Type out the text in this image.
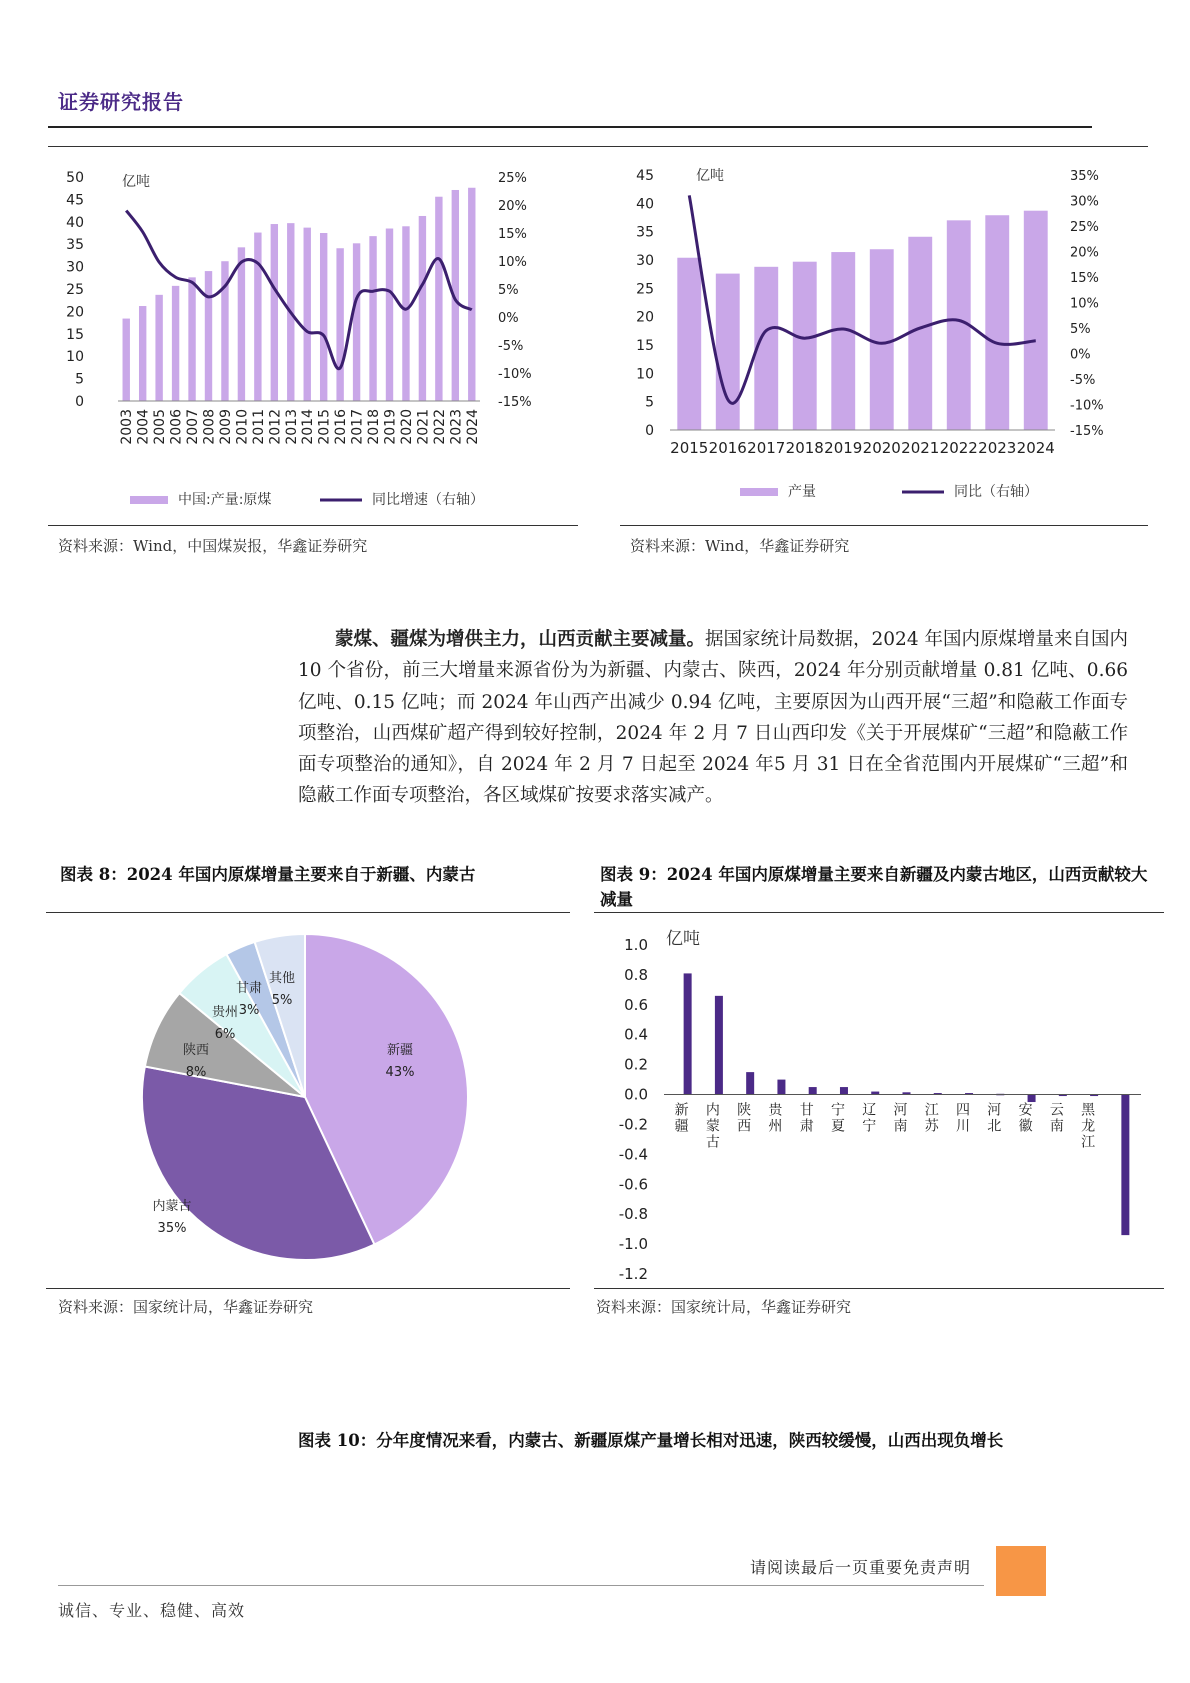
证券研究报告
0
5
10
15
20
25
30
35
40
45
50
-15%
-10%
-5%
0%
5%
10%
15%
20%
25%
2003 2004 2005 2006 2007 2008 2009 2010 2011 2012 2013 2014 2015 2016 2017 2018 2019 2020 2021 2022 2023 2024
亿吨
中国:产量:原煤	同比增速（右轴）
资料来源：Wind，中国煤炭报，华鑫证券研究
0
5
10
15
20
25
30
35
40
45
-15%
-10%
-5%
0%
5%
10%
15%
20%
25%
30%
35%
2015 2016 2017 2018 2019 2020 2021 2022 2023 2024
亿吨
产量	同比（右轴）
资料来源：Wind，华鑫证券研究
蒙煤、疆煤为增供主力，山西贡献主要减量。据国家统计局数据，2024 年国内原煤增量来自国内 10 个省份，前三大增量来源省份为为新疆、内蒙古、陕西，2024 年分别贡献增量 0.81 亿吨、0.66 亿吨、0.15 亿吨；而 2024 年山西产出减少 0.94 亿吨，主要原因为山西开展“三超”和隐蔽工作面专项整治，山西煤矿超产得到较好控制，2024 年 2 月 7 日山西印发《关于开展煤矿“三超”和隐蔽工作面专项整治的通知》，自 2024 年 2 月 7 日起至 2024 年5 月 31 日在全省范围内开展煤矿“三超”和隐蔽工作面专项整治，各区域煤矿按要求落实减产。
图表 8：2024 年国内原煤增量主要来自于新疆、内蒙古
新疆
43%
内蒙古
35%
陕西
8%
贵州
6%
甘肃
3%
其他
5%
资料来源：国家统计局，华鑫证券研究
图表 9：2024 年国内原煤增量主要来自新疆及内蒙古地区，山西贡献较大减量
1.0
0.8
0.6
0.4
0.2
0.0
-0.2
-0.4
-0.6
-0.8
-1.0
-1.2
新疆
内蒙古
陕西
贵州
甘肃
宁夏
辽宁
河南
江苏
四川
河北
安徽
云南
黑龙江
亿吨
资料来源：国家统计局，华鑫证券研究
图表 10：分年度情况来看，内蒙古、新疆原煤产量增长相对迅速，陕西较缓慢，山西出现负增长
请阅读最后一页重要免责声明
诚信、专业、稳健、高效
